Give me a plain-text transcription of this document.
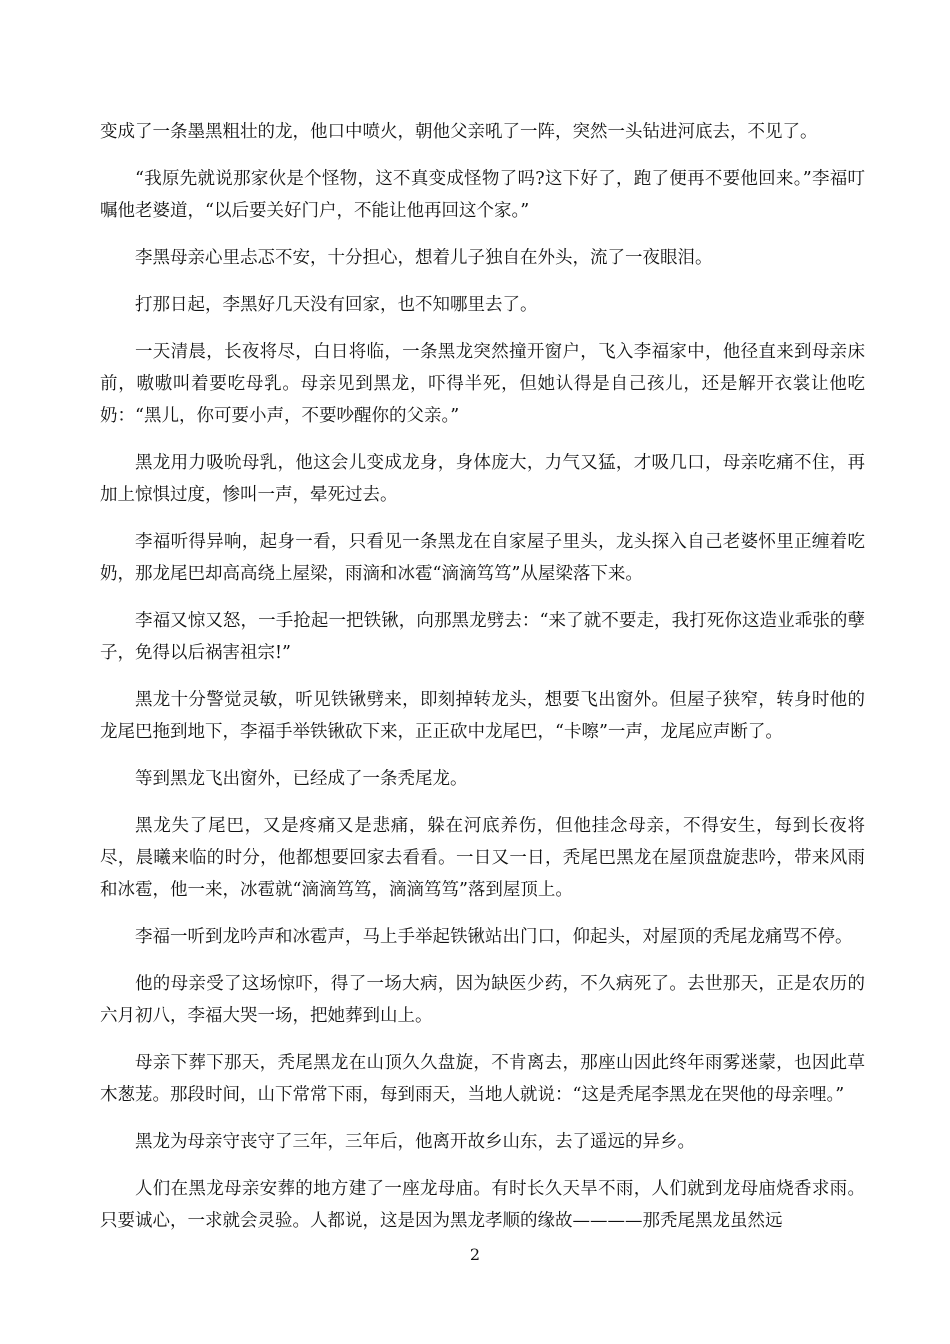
变成了一条墨黑粗壮的龙，他口中喷火，朝他父亲吼了一阵，突然一头钻进河底去，不见了。

“我原先就说那家伙是个怪物，这不真变成怪物了吗?这下好了，跑了便再不要他回来。”李福叮嘱他老婆道，“以后要关好门户，不能让他再回这个家。”

李黑母亲心里忐忑不安，十分担心，想着儿子独自在外头，流了一夜眼泪。

打那日起，李黑好几天没有回家，也不知哪里去了。

一天清晨，长夜将尽，白日将临，一条黑龙突然撞开窗户，飞入李福家中，他径直来到母亲床前，嗷嗷叫着要吃母乳。母亲见到黑龙，吓得半死，但她认得是自己孩儿，还是解开衣裳让他吃奶：“黑儿，你可要小声，不要吵醒你的父亲。”

黑龙用力吸吮母乳，他这会儿变成龙身，身体庞大，力气又猛，才吸几口，母亲吃痛不住，再加上惊惧过度，惨叫一声，晕死过去。

李福听得异响，起身一看，只看见一条黑龙在自家屋子里头，龙头探入自己老婆怀里正缠着吃奶，那龙尾巴却高高绕上屋梁，雨滴和冰雹“滴滴笃笃”从屋梁落下来。

李福又惊又怒，一手抢起一把铁锹，向那黑龙劈去：“来了就不要走，我打死你这造业乖张的孽子，免得以后祸害祖宗!”

黑龙十分警觉灵敏，听见铁锹劈来，即刻掉转龙头，想要飞出窗外。但屋子狭窄，转身时他的龙尾巴拖到地下，李福手举铁锹砍下来，正正砍中龙尾巴，“卡嚓”一声，龙尾应声断了。

等到黑龙飞出窗外，已经成了一条秃尾龙。

黑龙失了尾巴，又是疼痛又是悲痛，躲在河底养伤，但他挂念母亲，不得安生，每到长夜将尽，晨曦来临的时分，他都想要回家去看看。一日又一日，秃尾巴黑龙在屋顶盘旋悲吟，带来风雨和冰雹，他一来，冰雹就“滴滴笃笃，滴滴笃笃”落到屋顶上。

李福一听到龙吟声和冰雹声，马上手举起铁锹站出门口，仰起头，对屋顶的秃尾龙痛骂不停。

他的母亲受了这场惊吓，得了一场大病，因为缺医少药，不久病死了。去世那天，正是农历的六月初八，李福大哭一场，把她葬到山上。

母亲下葬下那天，秃尾黑龙在山顶久久盘旋，不肯离去，那座山因此终年雨雾迷蒙，也因此草木葱茏。那段时间，山下常常下雨，每到雨天，当地人就说：“这是秃尾李黑龙在哭他的母亲哩。”

黑龙为母亲守丧守了三年，三年后，他离开故乡山东，去了遥远的异乡。

人们在黑龙母亲安葬的地方建了一座龙母庙。有时长久天旱不雨，人们就到龙母庙烧香求雨。只要诚心，一求就会灵验。人都说，这是因为黑龙孝顺的缘故————那秃尾黑龙虽然远

2
